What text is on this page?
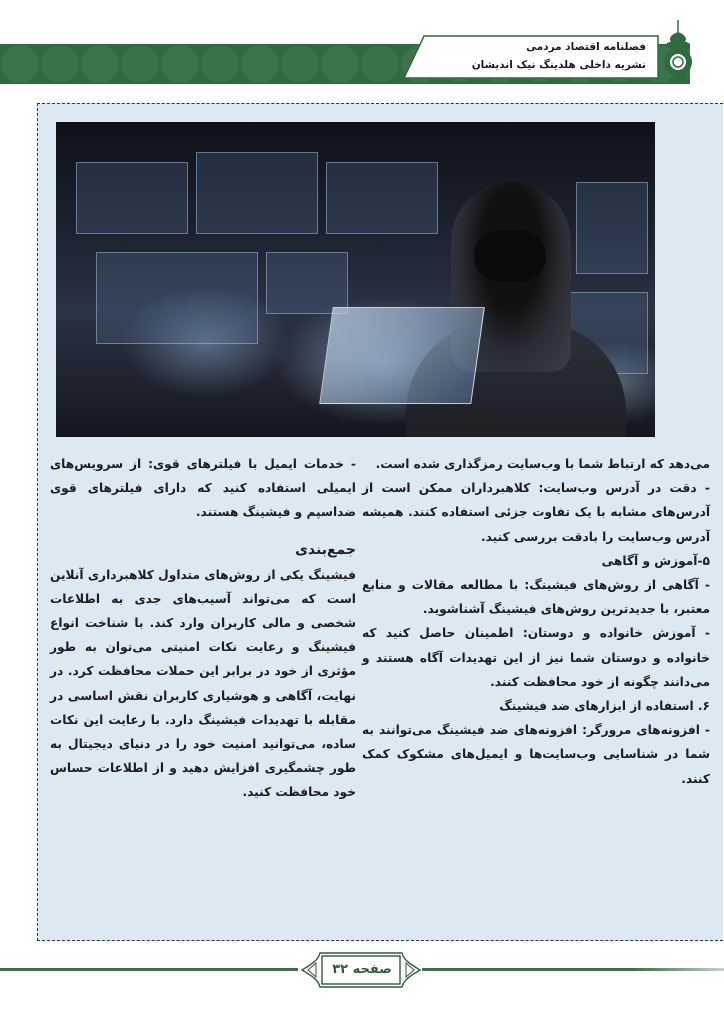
فصلنامه اقتصاد مردمی
نشریه داخلی هلدینگ نیک اندیشان

می‌دهد که ارتباط شما با وب‌سایت رمزگذاری شده است.

- دقت در آدرس وب‌سایت: کلاهبرداران ممکن است از آدرس‌های مشابه با یک تفاوت جزئی استفاده کنند. همیشه آدرس وب‌سایت را بادقت بررسی کنید.

۵-آموزش و آگاهی

- آگاهی از روش‌های فیشینگ: با مطالعه مقالات و منابع معتبر، با جدیدترین روش‌های فیشینگ آشناشوید.

- آموزش خانواده و دوستان: اطمینان حاصل کنید که خانواده و دوستان شما نیز از این تهدیدات آگاه هستند و می‌دانند چگونه از خود محافظت کنند.

۶. استفاده از ابزارهای ضد فیشینگ

- افزونه‌های مرورگر: افزونه‌های ضد فیشینگ می‌توانند به شما در شناسایی وب‌سایت‌ها و ایمیل‌های مشکوک کمک کنند.

- خدمات ایمیل با فیلترهای قوی: از سرویس‌های ایمیلی استفاده کنید که دارای فیلترهای قوی ضداسپم و فیشینگ هستند.

جمع‌بندی

فیشینگ یکی از روش‌های متداول کلاهبرداری آنلاین است که می‌تواند آسیب‌های جدی به اطلاعات شخصی و مالی کاربران وارد کند. با شناخت انواع فیشینگ و رعایت نکات امنیتی می‌توان به طور مؤثری از خود در برابر این حملات محافظت کرد. در نهایت، آگاهی و هوشیاری کاربران نقش اساسی در مقابله با تهدیدات فیشینگ دارد. با رعایت این نکات ساده، می‌توانید امنیت خود را در دنیای دیجیتال به طور چشمگیری افزایش دهید و از اطلاعات حساس خود محافظت کنید.

صفحه ۳۲
